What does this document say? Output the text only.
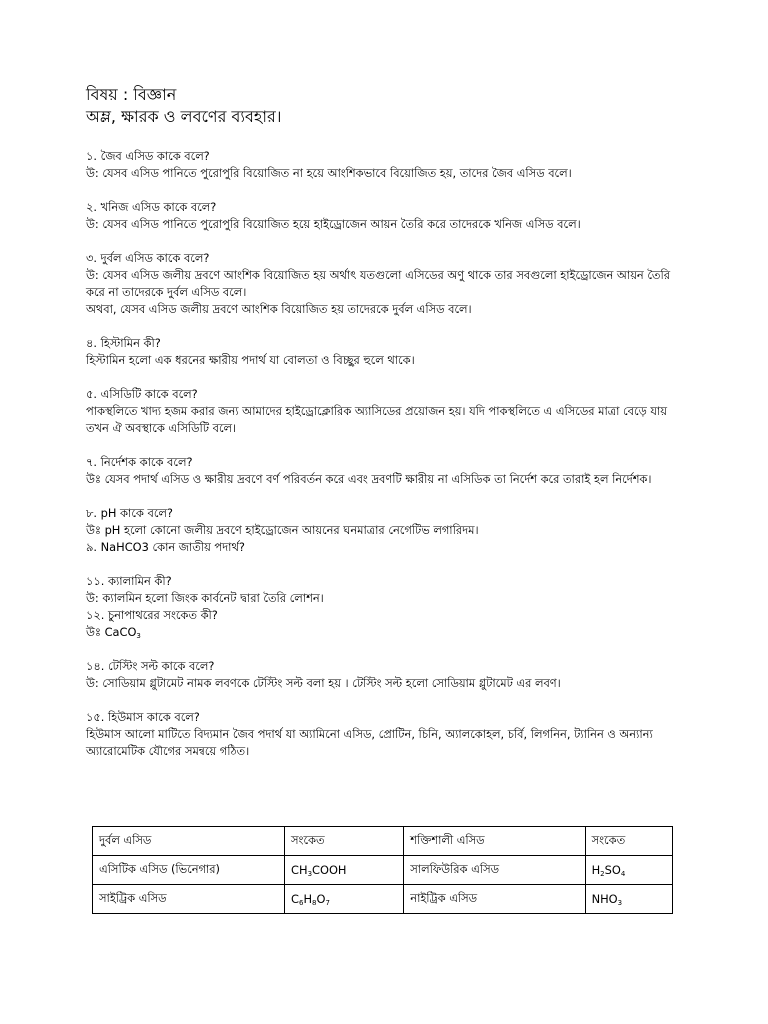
বিষয় : বিজ্ঞান

অম্ল, ক্ষারক ও লবণের ব্যবহার।

১. জৈব এসিড কাকে বলে?

উ: যেসব এসিড পানিতে পুরোপুরি বিয়োজিত না হয়ে আংশিকভাবে বিয়োজিত হয়, তাদের জৈব এসিড বলে।

২. খনিজ এসিড কাকে বলে?

উ: যেসব এসিড পানিতে পুরোপুরি বিয়োজিত হয়ে হাইড্রোজেন আয়ন তৈরি করে তাদেরকে খনিজ এসিড বলে।

৩. দুর্বল এসিড কাকে বলে?

উ: যেসব এসিড জলীয় দ্রবণে আংশিক বিয়োজিত হয় অর্থাৎ যতগুলো এসিডের অণু থাকে তার সবগুলো হাইড্রোজেন আয়ন তৈরি করে না তাদেরকে দুর্বল এসিড বলে।

অথবা, যেসব এসিড জলীয় দ্রবণে আংশিক বিয়োজিত হয় তাদেরকে দুর্বল এসিড বলে।

৪. হিস্টামিন কী?

হিস্টামিন হলো এক ধরনের ক্ষারীয় পদার্থ যা বোলতা ও বিচ্ছুর হুলে থাকে।

৫. এসিডিটি কাকে বলে?

পাকস্থলিতে খাদ্য হজম করার জন্য আমাদের হাইড্রোক্লোরিক অ্যাসিডের প্রয়োজন হয়। যদি পাকস্থলিতে এ এসিডের মাত্রা বেড়ে যায় তখন ঐ অবস্থাকে এসিডিটি বলে।

৭. নির্দেশক কাকে বলে?

উঃ যেসব পদার্থ এসিড ও ক্ষারীয় দ্রবণে বর্ণ পরিবর্তন করে এবং দ্রবণটি ক্ষারীয় না এসিডিক তা নির্দেশ করে তারাই হল নির্দেশক।

৮. pH কাকে বলে?

উঃ pH হলো কোনো জলীয় দ্রবণে হাইড্রোজেন আয়নের ঘনমাত্রার নেগেটিভ লগারিদম।

৯. NaHCO3 কোন জাতীয় পদার্থ?

১১. ক্যালামিন কী?

উ: ক্যালমিন হলো জিংক কার্বনেট দ্বারা তৈরি লোশন।

১২. চুনাপাথরের সংকেত কী?

উঃ CaCO$_3$

১৪. টেস্টিং সল্ট কাকে বলে?

উ: সোডিয়াম গ্লুটামেট নামক লবণকে টেস্টিং সল্ট বলা হয় । টেস্টিং সল্ট হলো সোডিয়াম গ্লুটামেট এর লবণ।

১৫. হিউমাস কাকে বলে?

হিউমাস আলো মাটিতে বিদ্যমান জৈব পদার্থ যা অ্যামিনো এসিড, প্রোটিন, চিনি, অ্যালকোহল, চর্বি, লিগনিন, ট্যানিন ও অন্যান্য অ্যারোমেটিক যৌগের সমন্বয়ে গঠিত।

দুর্বল এসিড	সংকেত	শক্তিশালী এসিড	সংকেত
এসিটিক এসিড (ভিনেগার)	$CH_3COOH$	সালফিউরিক এসিড	$H_2SO_4$
সাইট্রিক এসিড	$C_6H_8O_7$	নাইট্রিক এসিড	$NHO_3$
